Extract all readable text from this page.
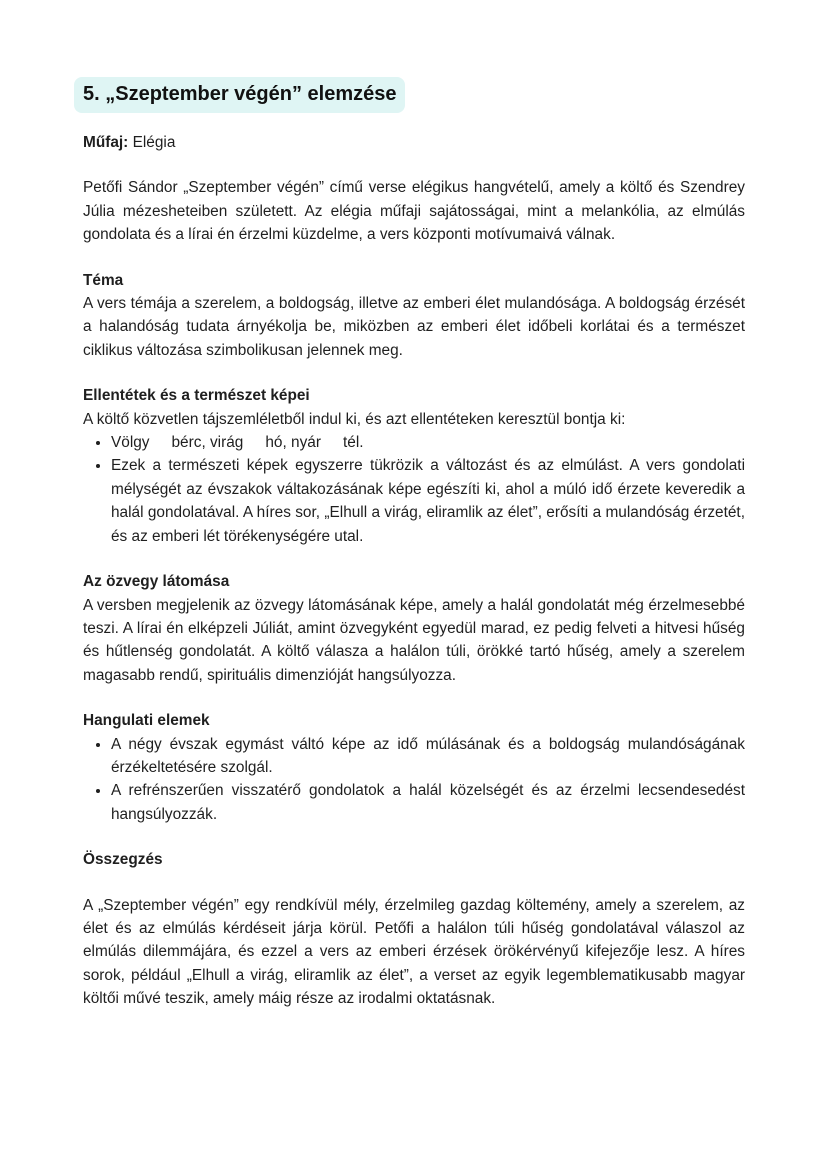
5. „Szeptember végén” elemzése
Műfaj: Elégia

Petőfi Sándor „Szeptember végén” című verse elégikus hangvételű, amely a költő és Szendrey Júlia mézesheteiben született. Az elégia műfaji sajátosságai, mint a melankólia, az elmúlás gondolata és a lírai én érzelmi küzdelme, a vers központi motívumaivá válnak.

Téma

A vers témája a szerelem, a boldogság, illetve az emberi élet mulandósága. A boldogság érzését a halandóság tudata árnyékolja be, miközben az emberi élet időbeli korlátai és a természet ciklikus változása szimbolikusan jelennek meg.

Ellentétek és a természet képei

A költő közvetlen tájszemléletből indul ki, és azt ellentéteken keresztül bontja ki:

• Völgy bérc, virág hó, nyár tél.
• Ezek a természeti képek egyszerre tükrözik a változást és az elmúlást. A vers gondolati mélységét az évszakok váltakozásának képe egészíti ki, ahol a múló idő érzete keveredik a halál gondolatával. A híres sor, „Elhull a virág, eliramlik az élet”, erősíti a mulandóság érzetét, és az emberi lét törékenységére utal.
Az özvegy látomása

A versben megjelenik az özvegy látomásának képe, amely a halál gondolatát még érzelmesebbé teszi. A lírai én elképzeli Júliát, amint özvegyként egyedül marad, ez pedig felveti a hitvesi hűség és hűtlenség gondolatát. A költő válasza a halálon túli, örökké tartó hűség, amely a szerelem magasabb rendű, spirituális dimenzióját hangsúlyozza.

Hangulati elemek
• A négy évszak egymást váltó képe az idő múlásának és a boldogság mulandóságának érzékeltetésére szolgál.
• A refrénszerűen visszatérő gondolatok a halál közelségét és az érzelmi lecsendesedést hangsúlyozzák.
Összegzés

A „Szeptember végén” egy rendkívül mély, érzelmileg gazdag költemény, amely a szerelem, az élet és az elmúlás kérdéseit járja körül. Petőfi a halálon túli hűség gondolatával válaszol az elmúlás dilemmájára, és ezzel a vers az emberi érzések örökérvényű kifejezője lesz. A híres sorok, például „Elhull a virág, eliramlik az élet”, a verset az egyik legemblematikusabb magyar költői művé teszik, amely máig része az irodalmi oktatásnak.
